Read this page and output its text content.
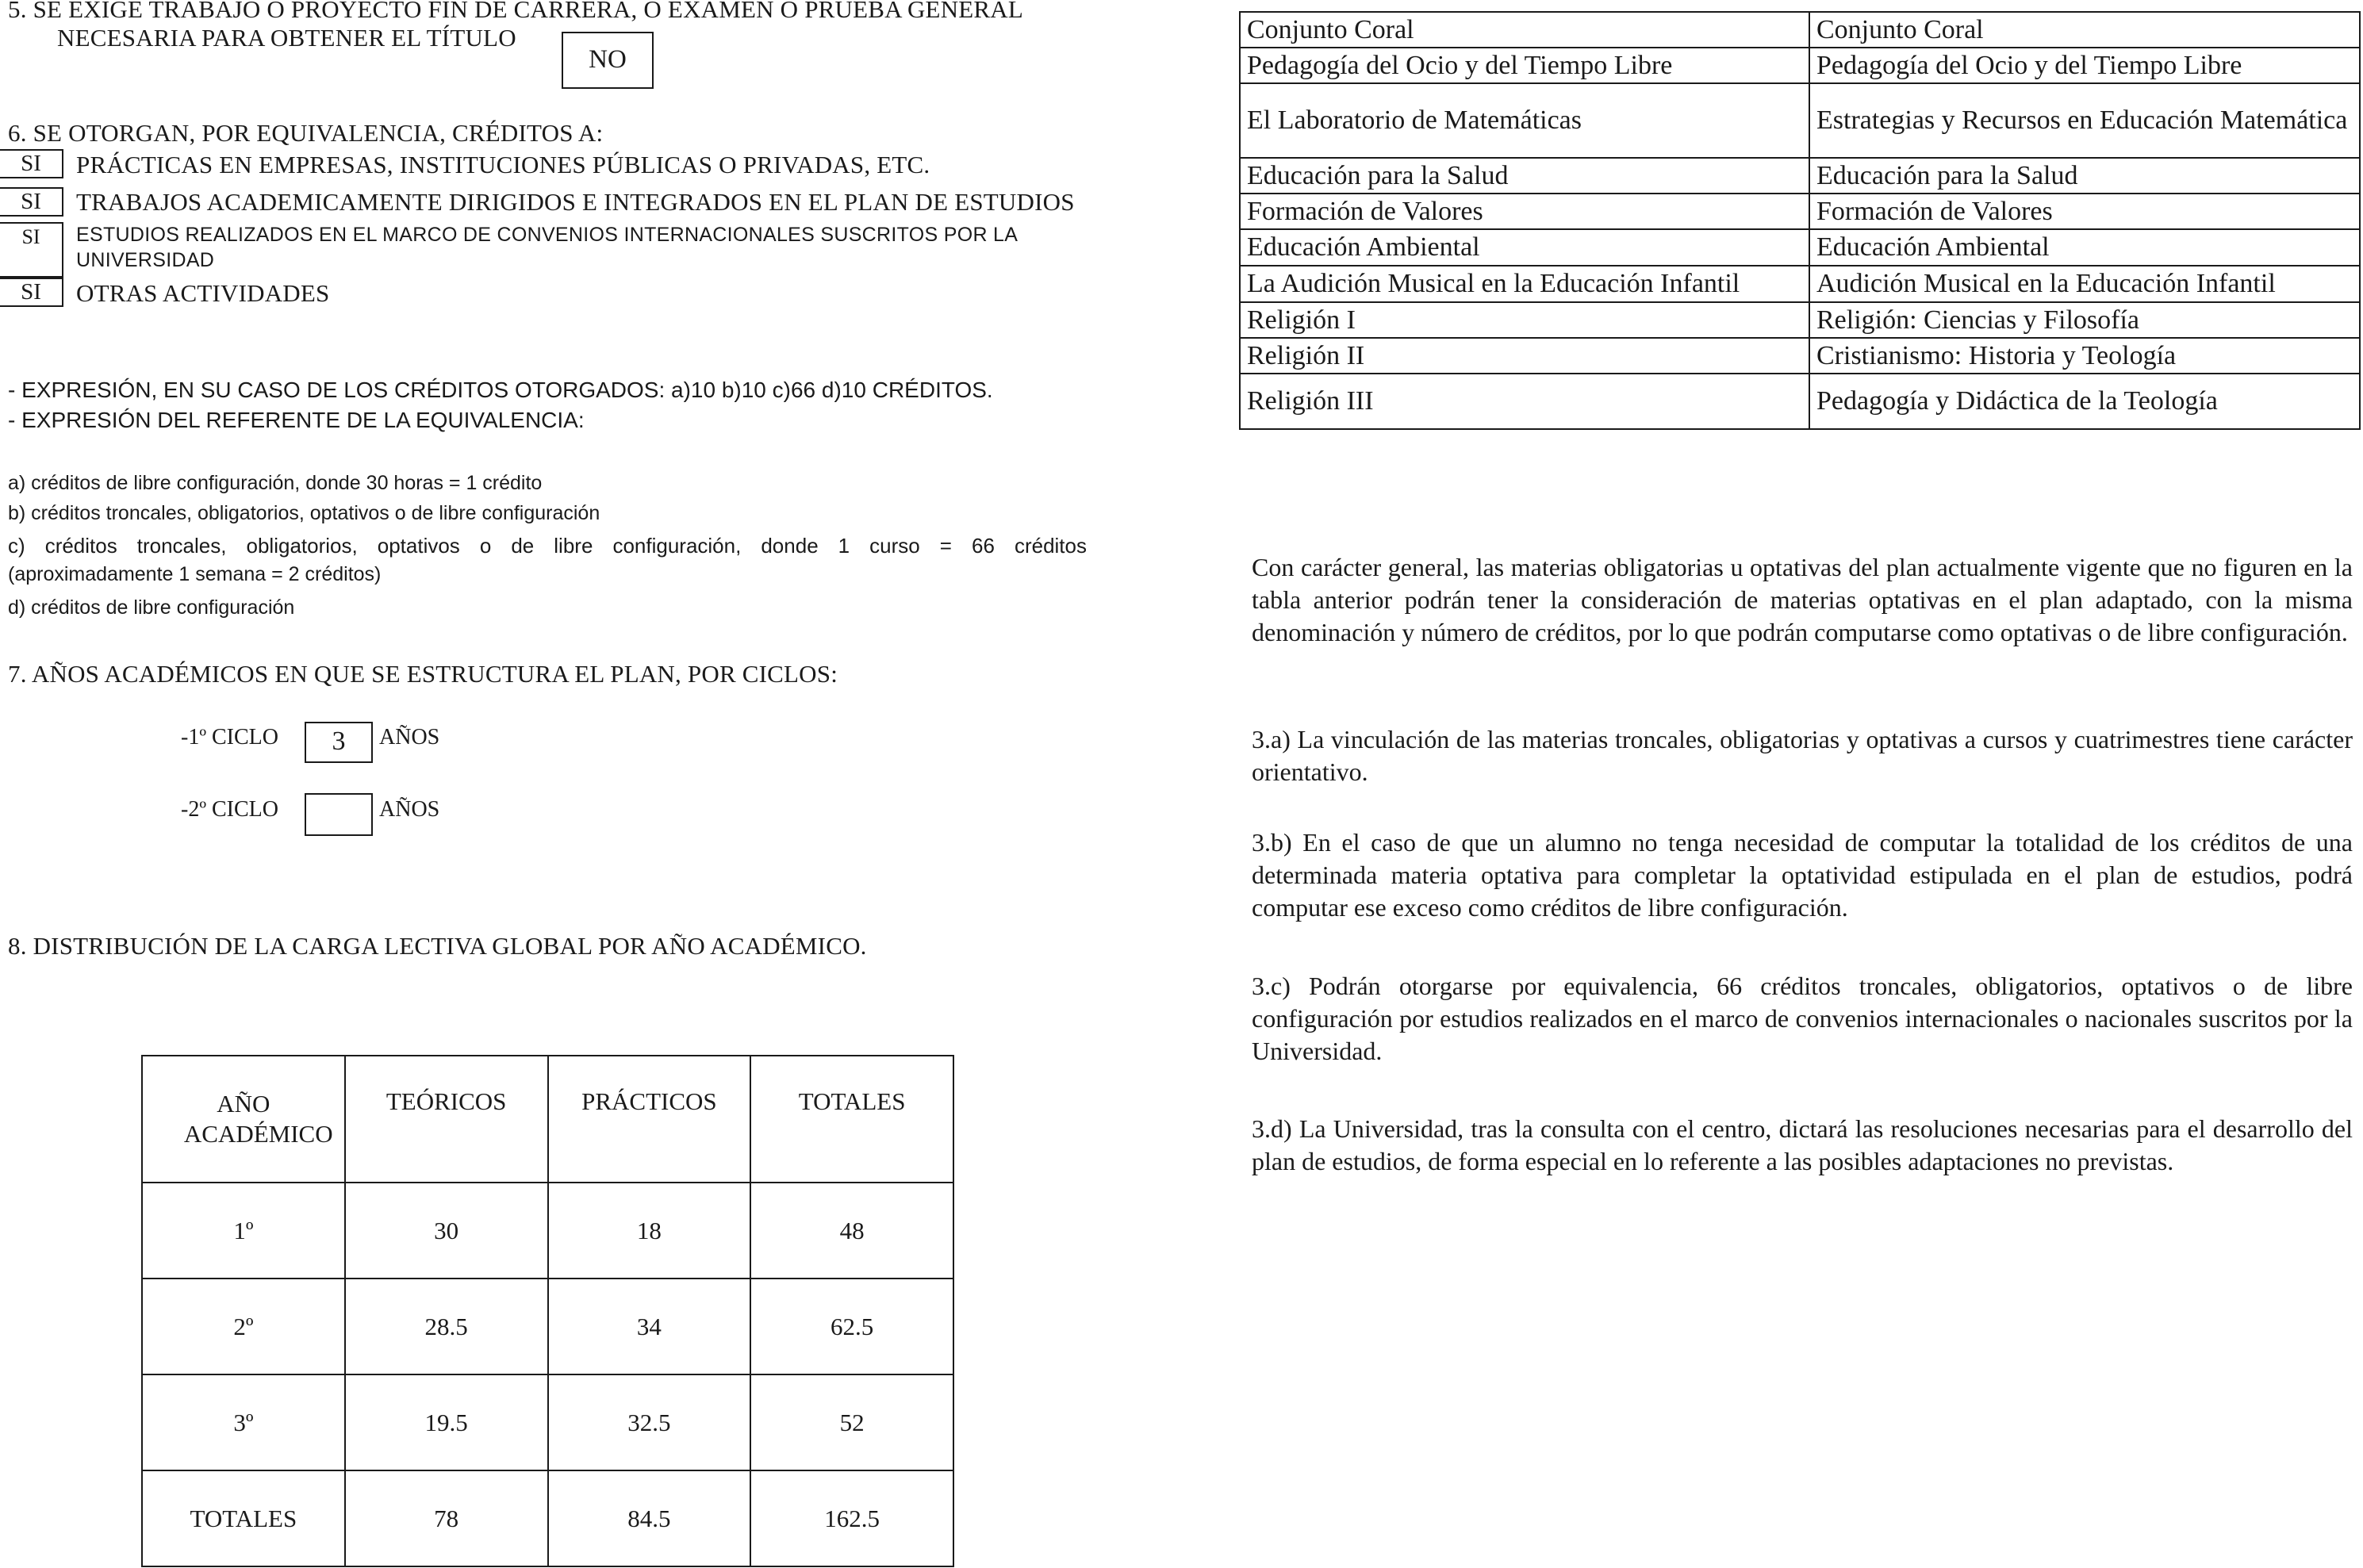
5. SE EXIGE TRABAJO O PROYECTO FIN DE CARRERA, O EXAMEN O PRUEBA GENERAL
NECESARIA PARA OBTENER EL TÍTULO
NO
6. SE OTORGAN, POR EQUIVALENCIA, CRÉDITOS A:
SI	PRÁCTICAS EN EMPRESAS, INSTITUCIONES PÚBLICAS O PRIVADAS, ETC.
SI	TRABAJOS ACADEMICAMENTE DIRIGIDOS E INTEGRADOS EN EL PLAN DE ESTUDIOS
SI	ESTUDIOS REALIZADOS EN EL MARCO DE CONVENIOS INTERNACIONALES SUSCRITOS POR LA
UNIVERSIDAD
SI	OTRAS ACTIVIDADES
- EXPRESIÓN, EN SU CASO DE LOS CRÉDITOS OTORGADOS: a)10 b)10 c)66 d)10 CRÉDITOS.
- EXPRESIÓN DEL REFERENTE DE LA EQUIVALENCIA:
a) créditos de libre configuración, donde 30 horas = 1 crédito
b) créditos troncales, obligatorios, optativos o de libre configuración
c) créditos troncales, obligatorios, optativos o de libre configuración, donde 1 curso = 66 créditos
(aproximadamente 1 semana = 2 créditos)
d) créditos de libre configuración
7. AÑOS ACADÉMICOS EN QUE SE ESTRUCTURA EL PLAN, POR CICLOS:
-1º CICLO	3	AÑOS
-2º CICLO	AÑOS
8. DISTRIBUCIÓN DE LA CARGA LECTIVA GLOBAL POR AÑO ACADÉMICO.
AÑO ACADÉMICO	TEÓRICOS	PRÁCTICOS	TOTALES
1º	30	18	48
2º	28.5	34	62.5
3º	19.5	32.5	52
TOTALES	78	84.5	162.5
Conjunto Coral	Conjunto Coral
Pedagogía del Ocio y del Tiempo Libre	Pedagogía del Ocio y del Tiempo Libre
El Laboratorio de Matemáticas	Estrategias y Recursos en Educación Matemática
Educación para la Salud	Educación para la Salud
Formación de Valores	Formación de Valores
Educación Ambiental	Educación Ambiental
La Audición Musical en la Educación Infantil	Audición Musical en la Educación Infantil
Religión I	Religión: Ciencias y Filosofía
Religión II	Cristianismo: Historia y Teología
Religión III	Pedagogía y Didáctica de la Teología
Con carácter general, las materias obligatorias u optativas del plan actualmente vigente que no figuren en la tabla anterior podrán tener la consideración de materias optativas en el plan adaptado, con la misma denominación y número de créditos, por lo que podrán computarse como optativas o de libre configuración.
3.a) La vinculación de las materias troncales, obligatorias y optativas a cursos y cuatrimestres tiene carácter orientativo.
3.b) En el caso de que un alumno no tenga necesidad de computar la totalidad de los créditos de una determinada materia optativa para completar la optatividad estipulada en el plan de estudios, podrá computar ese exceso como créditos de libre configuración.
3.c) Podrán otorgarse por equivalencia, 66 créditos troncales, obligatorios, optativos o de libre configuración por estudios realizados en el marco de convenios internacionales o nacionales suscritos por la Universidad.
3.d) La Universidad, tras la consulta con el centro, dictará las resoluciones necesarias para el desarrollo del plan de estudios, de forma especial en lo referente a las posibles adaptaciones no previstas.
